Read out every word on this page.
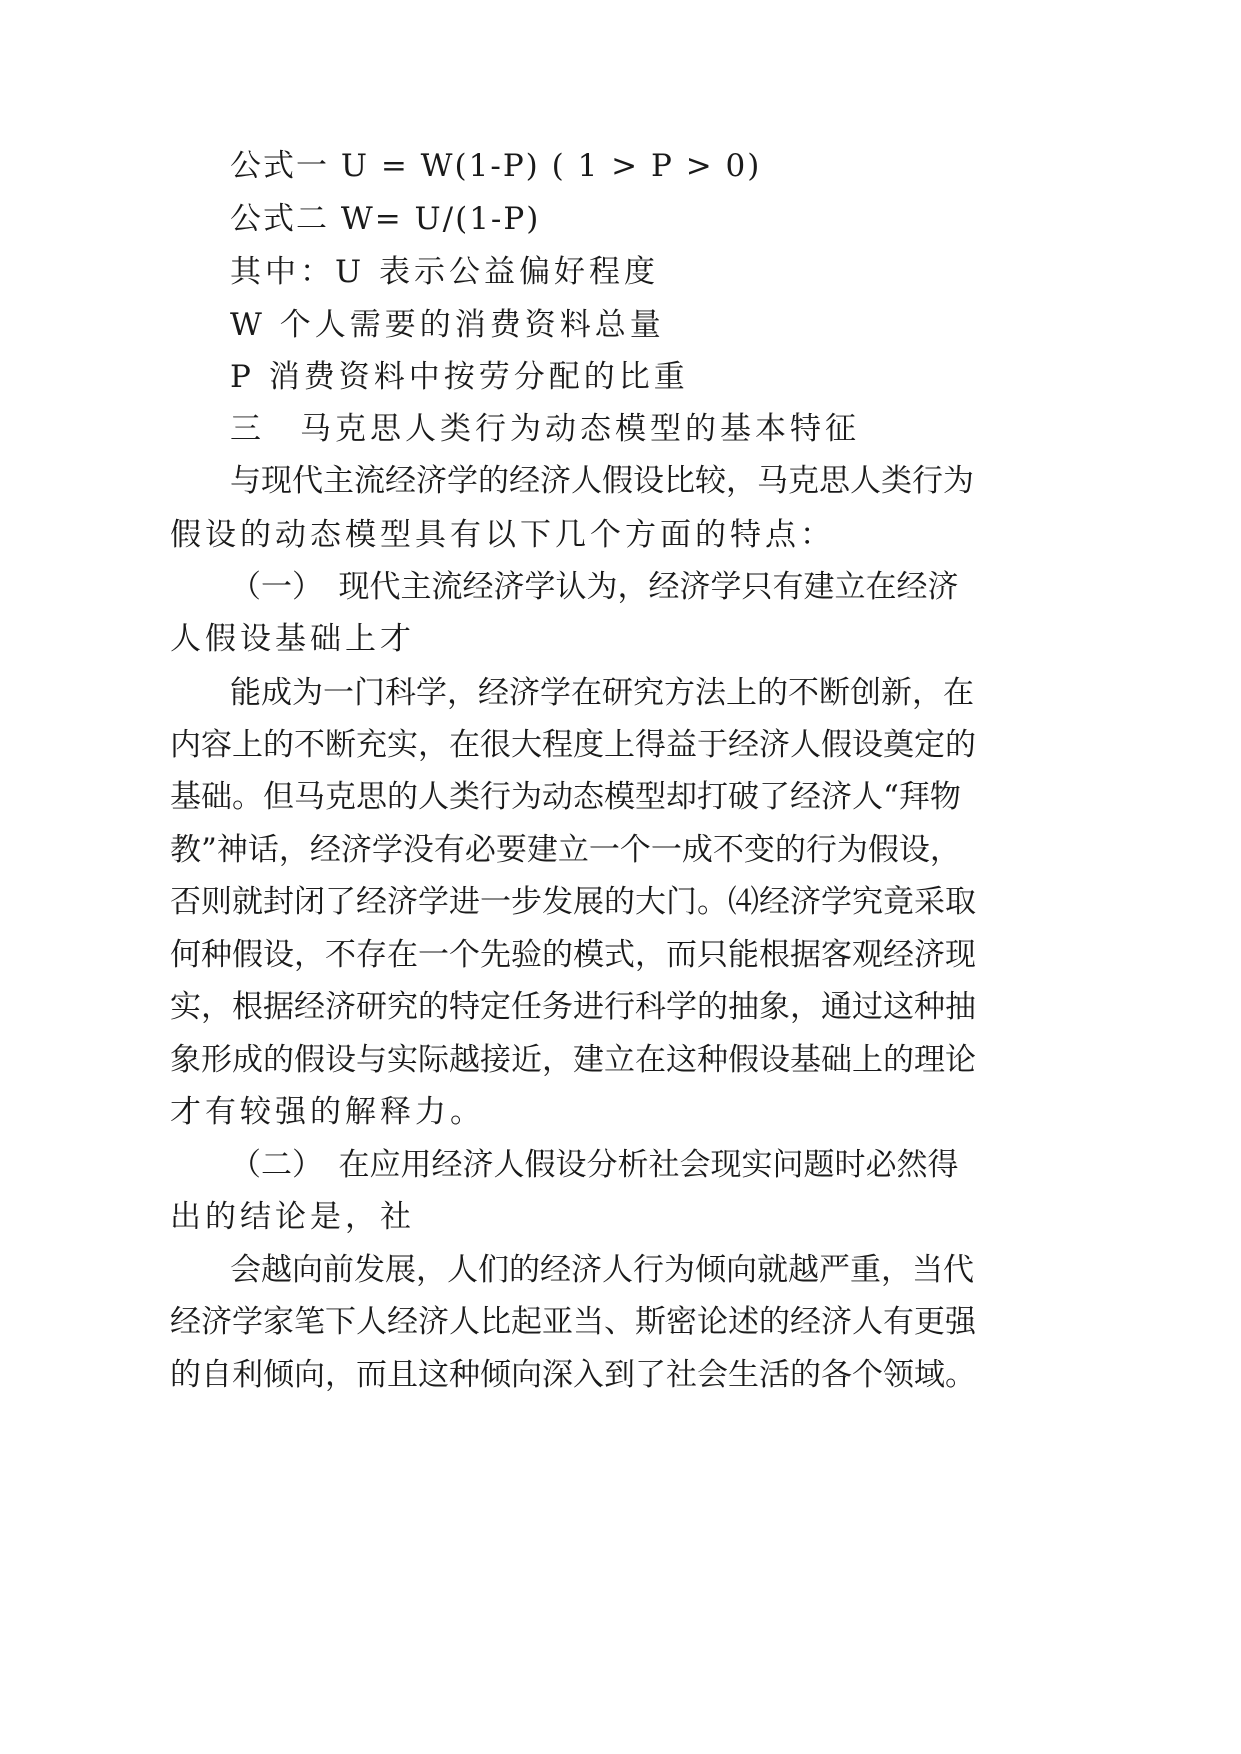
公式一 U = W(1-P) ( 1 > P > 0)
公式二 W= U/(1-P)
其中：U 表示公益偏好程度
W 个人需要的消费资料总量
P 消费资料中按劳分配的比重
三　马克思人类行为动态模型的基本特征
与现代主流经济学的经济人假设比较，马克思人类行为
假设的动态模型具有以下几个方面的特点：
（一）　现代主流经济学认为，经济学只有建立在经济
人假设基础上才
能成为一门科学，经济学在研究方法上的不断创新，在
内容上的不断充实，在很大程度上得益于经济人假设奠定的
基础。但马克思的人类行为动态模型却打破了经济人“拜物
教”神话，经济学没有必要建立一个一成不变的行为假设，
否则就封闭了经济学进一步发展的大门。⑷经济学究竟采取
何种假设，不存在一个先验的模式，而只能根据客观经济现
实，根据经济研究的特定任务进行科学的抽象，通过这种抽
象形成的假设与实际越接近，建立在这种假设基础上的理论
才有较强的解释力。
（二）　在应用经济人假设分析社会现实问题时必然得
出的结论是，社
会越向前发展，人们的经济人行为倾向就越严重，当代
经济学家笔下人经济人比起亚当、斯密论述的经济人有更强
的自利倾向，而且这种倾向深入到了社会生活的各个领域。
